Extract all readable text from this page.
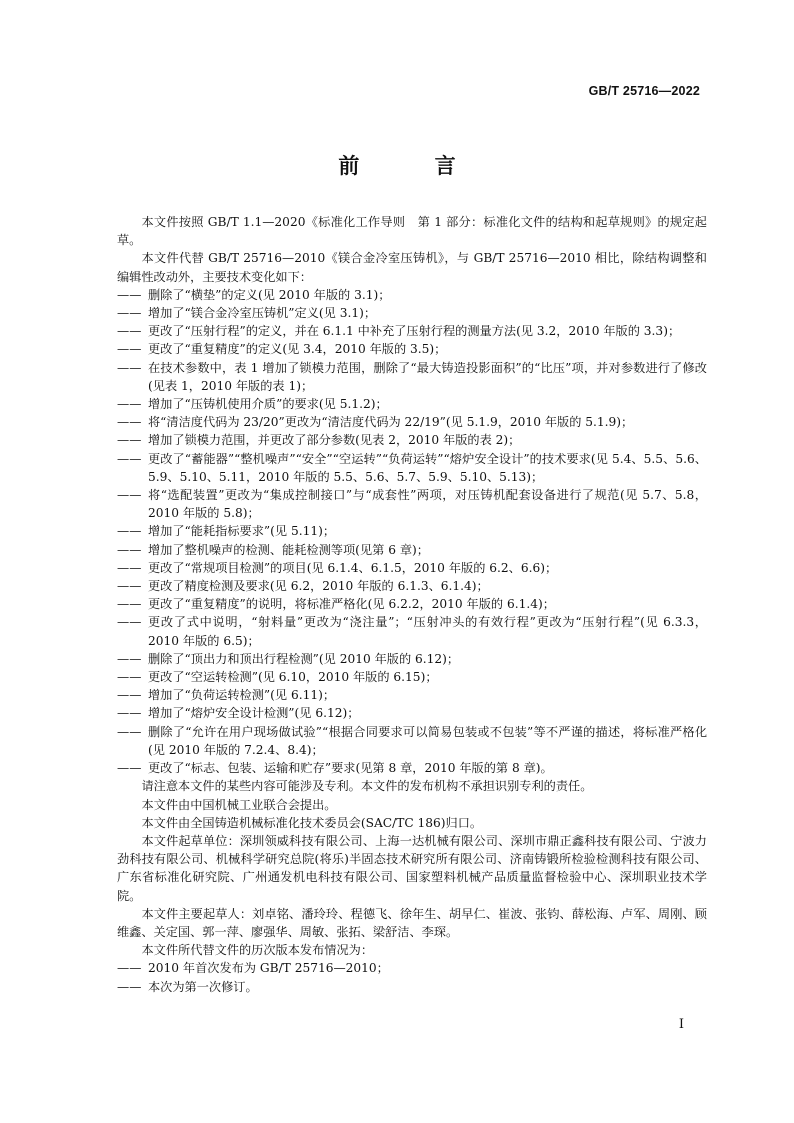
GB/T 25716—2022
前 言

本文件按照 GB/T 1.1—2020《标准化工作导则　第 1 部分：标准化文件的结构和起草规则》的规定起草。

本文件代替 GB/T 25716—2010《镁合金冷室压铸机》，与 GB/T 25716—2010 相比，除结构调整和编辑性改动外，主要技术变化如下：

—— 删除了“横垫”的定义(见 2010 年版的 3.1)；

—— 增加了“镁合金冷室压铸机”定义(见 3.1)；

—— 更改了“压射行程”的定义，并在 6.1.1 中补充了压射行程的测量方法(见 3.2，2010 年版的 3.3)；

—— 更改了“重复精度”的定义(见 3.4，2010 年版的 3.5)；

—— 在技术参数中，表 1 增加了锁模力范围，删除了“最大铸造投影面积”的“比压”项，并对参数进行了修改(见表 1，2010 年版的表 1)；

—— 增加了“压铸机使用介质”的要求(见 5.1.2)；

—— 将“清洁度代码为 23/20”更改为“清洁度代码为 22/19”(见 5.1.9，2010 年版的 5.1.9)；

—— 增加了锁模力范围，并更改了部分参数(见表 2，2010 年版的表 2)；

—— 更改了“蓄能器”“整机噪声”“安全”“空运转”“负荷运转”“熔炉安全设计”的技术要求(见 5.4、5.5、5.6、5.9、5.10、5.11，2010 年版的 5.5、5.6、5.7、5.9、5.10、5.13)；

—— 将“选配装置”更改为“集成控制接口”与“成套性”两项，对压铸机配套设备进行了规范(见 5.7、5.8，2010 年版的 5.8)；

—— 增加了“能耗指标要求”(见 5.11)；

—— 增加了整机噪声的检测、能耗检测等项(见第 6 章)；

—— 更改了“常规项目检测”的项目(见 6.1.4、6.1.5，2010 年版的 6.2、6.6)；

—— 更改了精度检测及要求(见 6.2，2010 年版的 6.1.3、6.1.4)；

—— 更改了“重复精度”的说明，将标准严格化(见 6.2.2，2010 年版的 6.1.4)；

—— 更改了式中说明，“射料量”更改为“浇注量”；“压射冲头的有效行程”更改为“压射行程”(见 6.3.3，2010 年版的 6.5)；

—— 删除了“顶出力和顶出行程检测”(见 2010 年版的 6.12)；

—— 更改了“空运转检测”(见 6.10，2010 年版的 6.15)；

—— 增加了“负荷运转检测”(见 6.11)；

—— 增加了“熔炉安全设计检测”(见 6.12)；

—— 删除了“允许在用户现场做试验”“根据合同要求可以简易包装或不包装”等不严谨的描述，将标准严格化(见 2010 年版的 7.2.4、8.4)；

—— 更改了“标志、包装、运输和贮存”要求(见第 8 章，2010 年版的第 8 章)。

请注意本文件的某些内容可能涉及专利。本文件的发布机构不承担识别专利的责任。

本文件由中国机械工业联合会提出。

本文件由全国铸造机械标准化技术委员会(SAC/TC 186)归口。

本文件起草单位：深圳领威科技有限公司、上海一达机械有限公司、深圳市鼎正鑫科技有限公司、宁波力劲科技有限公司、机械科学研究总院(将乐)半固态技术研究所有限公司、济南铸锻所检验检测科技有限公司、广东省标准化研究院、广州通发机电科技有限公司、国家塑料机械产品质量监督检验中心、深圳职业技术学院。

本文件主要起草人：刘卓铭、潘玲玲、程德飞、徐年生、胡早仁、崔波、张钧、薛松海、卢军、周刚、顾维鑫、关定国、郭一萍、廖强华、周敏、张拓、梁舒洁、李琛。

本文件所代替文件的历次版本发布情况为：

—— 2010 年首次发布为 GB/T 25716—2010；

—— 本次为第一次修订。

I
